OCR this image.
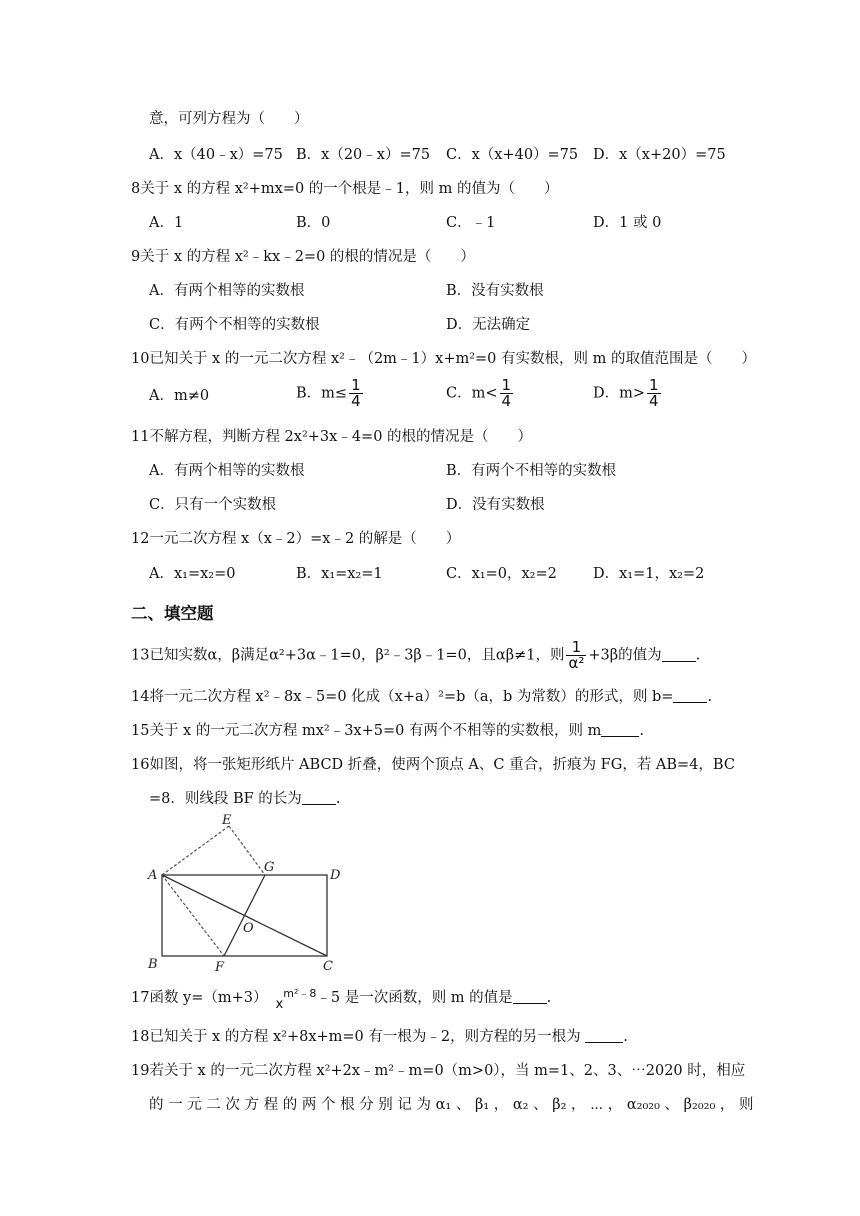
意，可列方程为（　　）
A．x（40﹣x）=75 B．x（20﹣x）=75 C．x（x+40）=75 D．x（x+20）=75
8关于 x 的方程 x²+mx=0 的一个根是﹣1，则 m 的值为（　　）
A．1	B．0	C．﹣1	D．1 或 0
9关于 x 的方程 x²﹣kx﹣2=0 的根的情况是（　　）
A．有两个相等的实数根	B．没有实数根
C．有两个不相等的实数根	D．无法确定
10已知关于 x 的一元二次方程 x²﹣（2m﹣1）x+m²=0 有实数根，则 m 的取值范围是（　　）
A．m≠0	B．$m\le \frac{1}{4}$	C．$m< \frac{1}{4}$	D．$m> \frac{1}{4}$
11不解方程，判断方程 2x²+3x﹣4=0 的根的情况是（　　）
A．有两个相等的实数根	B．有两个不相等的实数根
C．只有一个实数根	D．没有实数根
12一元二次方程 x（x﹣2）=x﹣2 的解是（　　）
A．x₁=x₂=0	B．x₁=x₂=1	C．x₁=0，x₂=2 D．x₁=1，x₂=2
二、填空题
13已知实数α，β满足α²+3α﹣1=0，β²﹣3β﹣1=0，且αβ≠1，则 $\frac{1}{\text{α²}} +3\beta$的值为 .
14将一元二次方程 x²﹣8x﹣5=0 化成（x+a）²=b（a，b 为常数）的形式，则 b= .
15关于 x 的一元二次方程 mx²﹣3x+5=0 有两个不相等的实数根，则 m	.
16如图，将一张矩形纸片 ABCD 折叠，使两个顶点 A、C 重合，折痕为 FG，若 AB=4，BC
=8．则线段 BF 的长为 .
A
B	C
D
E
F
G
O
17函数 y=（m+3） $x^{m^2﹣8}﹣5$ 是一次函数，则 m 的值是 .
18已知关于 x 的方程 x²+8x+m=0 有一根为﹣2，则方程的另一根为	.
19若关于 x 的一元二次方程 x²+2x﹣m²﹣m=0（m>0），当 m=1、2、3、⋯2020 时，相应
的 一 元 二 次 方 程 的 两 个 根 分 别 记 为 α₁ 、 β₁ ， α₂ 、 β₂ ， ⋯ ， α₂₀₂₀ 、 β₂₀₂₀ ， 则
